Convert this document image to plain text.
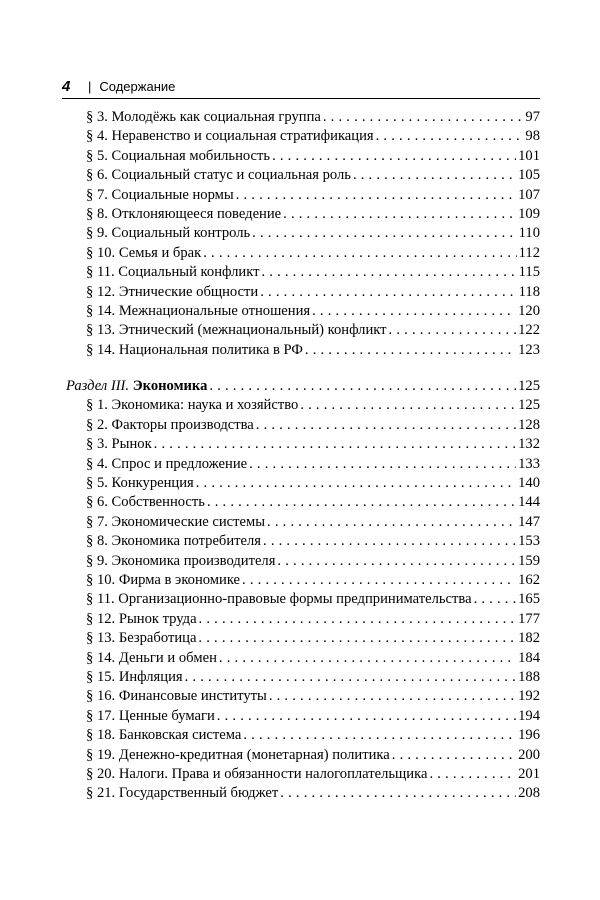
4	| Содержание
§ 3. Молодёжь как социальная группа . . .	97
§ 4. Неравенство и социальная стратификация . . .	98
§ 5. Социальная мобильность . . .	101
§ 6. Социальный статус и социальная роль . . .	105
§ 7. Социальные нормы . . .	107
§ 8. Отклоняющееся поведение . . .	109
§ 9. Социальный контроль . . .	110
§ 10. Семья и брак . . .	112
§ 11. Социальный конфликт . . .	115
§ 12. Этнические общности . . .	118
§ 14. Межнациональные отношения . . .	120
§ 13. Этнический (межнациональный) конфликт . . .	122
§ 14. Национальная политика в РФ . . .	123
Раздел III. Экономика . . .	125
§ 1. Экономика: наука и хозяйство . . .	125
§ 2. Факторы производства . . .	128
§ 3. Рынок . . .	132
§ 4. Спрос и предложение . . .	133
§ 5. Конкуренция . . .	140
§ 6. Собственность . . .	144
§ 7. Экономические системы . . .	147
§ 8. Экономика потребителя . . .	153
§ 9. Экономика производителя . . .	159
§ 10. Фирма в экономике . . .	162
§ 11. Организационно-правовые формы предпринимательства . . .	165
§ 12. Рынок труда . . .	177
§ 13. Безработица . . .	182
§ 14. Деньги и обмен . . .	184
§ 15. Инфляция . . .	188
§ 16. Финансовые институты . . .	192
§ 17. Ценные бумаги . . .	194
§ 18. Банковская система . . .	196
§ 19. Денежно-кредитная (монетарная) политика . . .	200
§ 20. Налоги. Права и обязанности налогоплательщика . . .	201
§ 21. Государственный бюджет . . .	208
